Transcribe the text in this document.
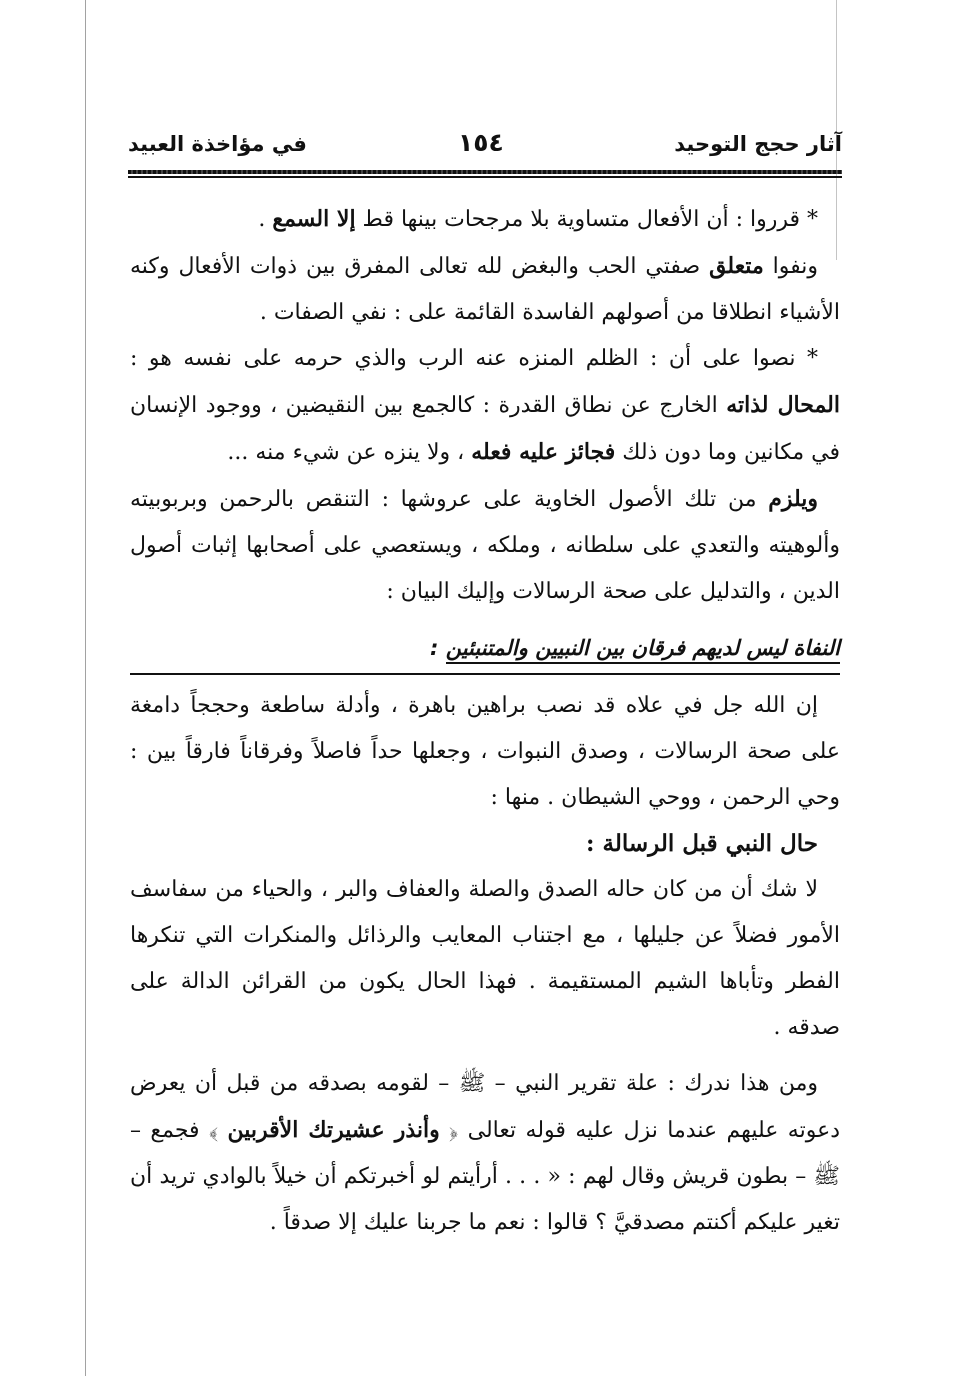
آثار حجج التوحيد
١٥٤
في مؤاخذة العبيد

* قرروا : أن الأفعال متساوية بلا مرجحات بينها قط إلا السمع .

ونفوا متعلق صفتي الحب والبغض لله تعالى المفرق بين ذوات الأفعال وكنه الأشياء انطلاقا من أصولهم الفاسدة القائمة على : نفي الصفات .

* نصوا على أن : الظلم المنزه عنه الرب والذي حرمه على نفسه هو : المحال لذاته الخارج عن نطاق القدرة : كالجمع بين النقيضين ، ووجود الإنسان في مكانين وما دون ذلك فجائز عليه فعله ، ولا ينزه عن شيء منه ...

ويلزم من تلك الأصول الخاوية على عروشها : التنقص بالرحمن وبربوبيته وألوهيته والتعدي على سلطانه ، وملكه ، ويستعصي على أصحابها إثبات أصول الدين ، والتدليل على صحة الرسالات وإليك البيان :

النفاة ليس لديهم فرقان بين النبيين والمتنبئين :

إن الله جل في علاه قد نصب براهين باهرة ، وأدلة ساطعة وحججاً دامغة على صحة الرسالات ، وصدق النبوات ، وجعلها حداً فاصلاً وفرقاناً فارقاً بين : وحي الرحمن ، ووحي الشيطان . منها :

حال النبي قبل الرسالة :

لا شك أن من كان حاله الصدق والصلة والعفاف والبر ، والحياء من سفاسف الأمور فضلاً عن جليلها ، مع اجتناب المعايب والرذائل والمنكرات التي تنكرها الفطر وتأباها الشيم المستقيمة . فهذا الحال يكون من القرائن الدالة على صدقه .

ومن هذا ندرك : علة تقرير النبي – ﷺ – لقومه بصدقه من قبل أن يعرض دعوته عليهم عندما نزل عليه قوله تعالى ﴿ وأنذر عشيرتك الأقربين ﴾ فجمع – ﷺ – بطون قريش وقال لهم : « . . . أرأيتم لو أخبرتكم أن خيلاً بالوادي تريد أن تغير عليكم أكنتم مصدقيَّ ؟ قالوا : نعم ما جربنا عليك إلا صدقاً .
